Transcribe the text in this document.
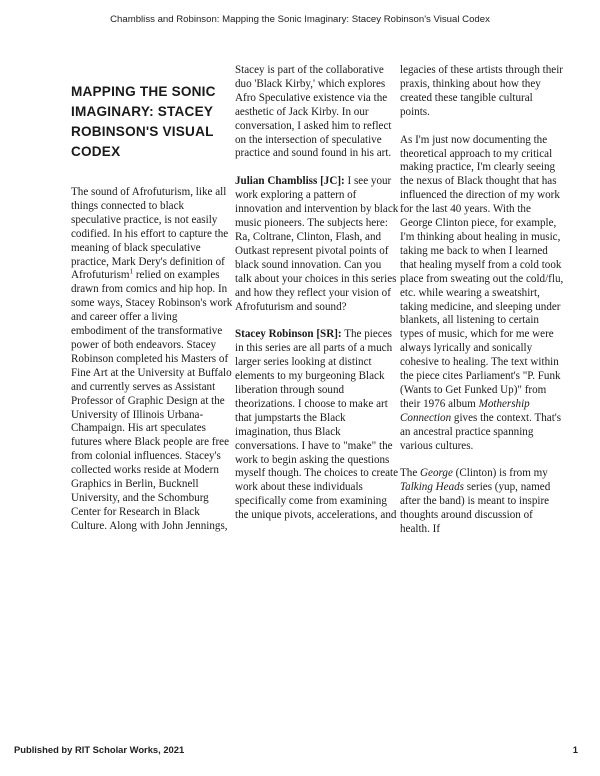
Chambliss and Robinson: Mapping the Sonic Imaginary: Stacey Robinson's Visual Codex
MAPPING THE SONIC IMAGINARY: STACEY ROBINSON'S VISUAL CODEX

The sound of Afrofuturism, like all things connected to black speculative practice, is not easily codified. In his effort to capture the meaning of black speculative practice, Mark Dery's definition of Afrofuturism$^1$ relied on examples drawn from comics and hip hop. In some ways, Stacey Robinson's work and career offer a living embodiment of the transformative power of both endeavors. Stacey Robinson completed his Masters of Fine Art at the University at Buffalo and currently serves as Assistant Professor of Graphic Design at the University of Illinois Urbana-Champaign. His art speculates futures where Black people are free from colonial influences. Stacey's collected works reside at Modern Graphics in Berlin, Bucknell University, and the Schomburg Center for Research in Black Culture. Along with John Jennings,

Stacey is part of the collaborative duo 'Black Kirby,' which explores Afro Speculative existence via the aesthetic of Jack Kirby. In our conversation, I asked him to reflect on the intersection of speculative practice and sound found in his art.

Julian Chambliss [JC]: I see your work exploring a pattern of innovation and intervention by black music pioneers. The subjects here: Ra, Coltrane, Clinton, Flash, and Outkast represent pivotal points of black sound innovation. Can you talk about your choices in this series and how they reflect your vision of Afrofuturism and sound?

Stacey Robinson [SR]: The pieces in this series are all parts of a much larger series looking at distinct elements to my burgeoning Black liberation through sound theorizations. I choose to make art that jumpstarts the Black imagination, thus Black conversations. I have to "make" the work to begin asking the questions myself though. The choices to create work about these individuals specifically come from examining the unique pivots, accelerations, and

legacies of these artists through their praxis, thinking about how they created these tangible cultural points.

As I'm just now documenting the theoretical approach to my critical making practice, I'm clearly seeing the nexus of Black thought that has influenced the direction of my work for the last 40 years. With the George Clinton piece, for example, I'm thinking about healing in music, taking me back to when I learned that healing myself from a cold took place from sweating out the cold/flu, etc. while wearing a sweatshirt, taking medicine, and sleeping under blankets, all listening to certain types of music, which for me were always lyrically and sonically cohesive to healing. The text within the piece cites Parliament's "P. Funk (Wants to Get Funked Up)" from their 1976 album Mothership Connection gives the context. That's an ancestral practice spanning various cultures.

The George (Clinton) is from my Talking Heads series (yup, named after the band) is meant to inspire thoughts around discussion of health. If

Published by RIT Scholar Works, 2021	1
